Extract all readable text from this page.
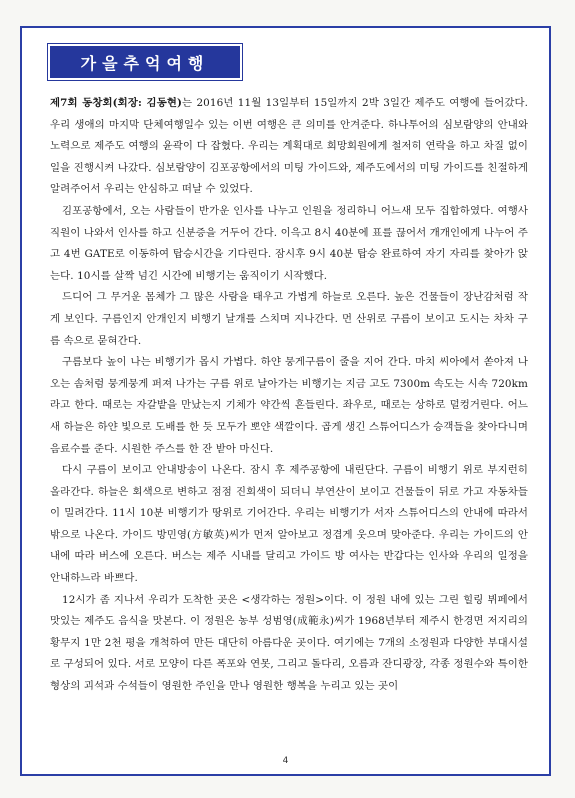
가을추억여행

제7회 동창회(회장: 김동현)는 2016년 11월 13일부터 15일까지 2박 3일간 제주도 여행에 들어갔다. 우리 생애의 마지막 단체여행일수 있는 이번 여행은 큰 의미를 안겨준다. 하나투어의 심보람양의 안내와 노력으로 제주도 여행의 윤곽이 다 잡혔다. 우리는 계획대로 희망회원에게 철저히 연락을 하고 차질 없이 일을 진행시켜 나갔다. 심보람양이 김포공항에서의 미팅 가이드와, 제주도에서의 미팅 가이드를 친절하게 알려주어서 우리는 안심하고 떠날 수 있었다.

김포공항에서, 오는 사람들이 반가운 인사를 나누고 인원을 정리하니 어느새 모두 집합하였다. 여행사 직원이 나와서 인사를 하고 신분증을 거두어 간다. 이윽고 8시 40분에 표를 끊어서 개개인에게 나누어 주고 4번 GATE로 이동하여 탑승시간을 기다린다. 잠시후 9시 40분 탑승 완료하여 자기 자리를 찾아가 앉는다. 10시를 살짝 넘긴 시간에 비행기는 움직이기 시작했다.

드디어 그 무거운 몸체가 그 많은 사람을 태우고 가볍게 하늘로 오른다. 높은 건물들이 장난감처럼 작게 보인다. 구름인지 안개인지 비행기 날개를 스치며 지나간다. 먼 산위로 구름이 보이고 도시는 차차 구름 속으로 묻혀간다.

구름보다 높이 나는 비행기가 몹시 가볍다. 하얀 뭉게구름이 줄을 지어 간다. 마치 씨아에서 쏟아져 나오는 솜처럼 뭉게뭉게 퍼져 나가는 구름 위로 날아가는 비행기는 지금 고도 7300m 속도는 시속 720km라고 한다. 때로는 자갈밭을 만났는지 기체가 약간씩 흔들린다. 좌우로, 때로는 상하로 덜컹거린다. 어느새 하늘은 하얀 빛으로 도배를 한 듯 모두가 뽀얀 색깔이다. 곱게 생긴 스튜어디스가 승객들을 찾아다니며 음료수를 준다. 시원한 주스를 한 잔 받아 마신다.

다시 구름이 보이고 안내방송이 나온다. 잠시 후 제주공항에 내린단다. 구름이 비행기 위로 부지런히 올라간다. 하늘은 회색으로 변하고 점점 진회색이 되더니 부연산이 보이고 건물들이 뒤로 가고 자동차들이 밀려간다. 11시 10분 비행기가 땅위로 기어간다. 우리는 비행기가 서자 스튜어디스의 안내에 따라서 밖으로 나온다. 가이드 방민영(方敏英)씨가 먼저 알아보고 정겹게 웃으며 맞아준다. 우리는 가이드의 안내에 따라 버스에 오른다. 버스는 제주 시내를 달리고 가이드 방 여사는 반갑다는 인사와 우리의 일정을 안내하느라 바쁘다.

12시가 좀 지나서 우리가 도착한 곳은 <생각하는 정원>이다. 이 정원 내에 있는 그린 힐링 뷔페에서 맛있는 제주도 음식을 맛본다. 이 정원은 농부 성범영(成範永)씨가 1968년부터 제주시 한경면 저지리의 황무지 1만 2천 평을 개척하여 만든 대단히 아름다운 곳이다. 여기에는 7개의 소정원과 다양한 부대시설로 구성되어 있다. 서로 모양이 다른 폭포와 연못, 그리고 돌다리, 오름과 잔디광장, 각종 정원수와 특이한 형상의 괴석과 수석들이 영원한 주인을 만나 영원한 행복을 누리고 있는 곳이

4
